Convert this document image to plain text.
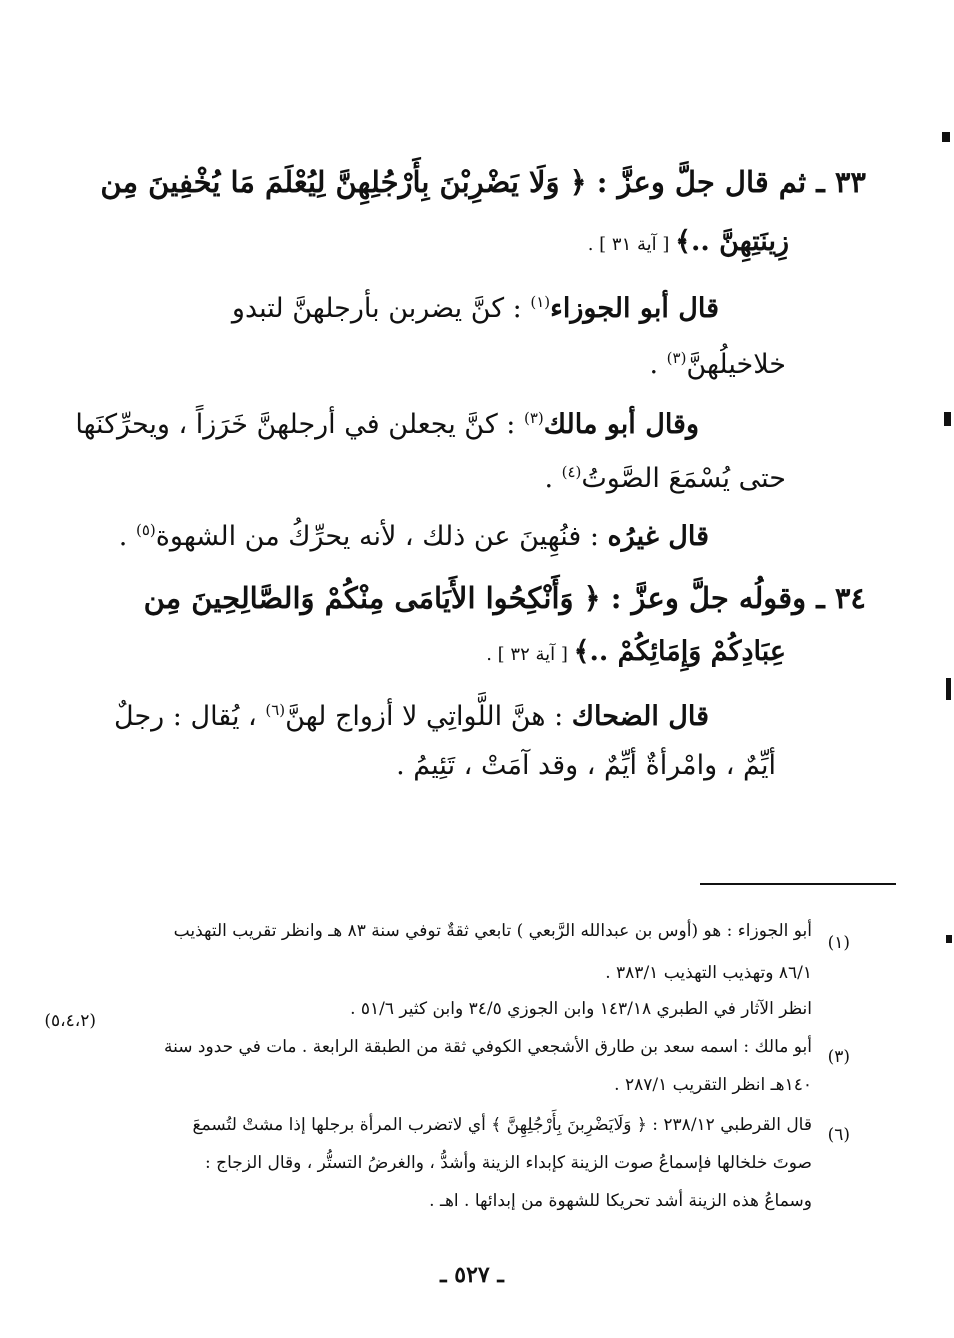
٣٣ ـ ثم قال جلَّ وعزَّ : ﴿ وَلَا يَضْرِبْنَ بِأَرْجُلِهِنَّ لِيُعْلَمَ مَا يُخْفِينَ مِن
زِينَتِهِنَّ ..﴾ [ آية ٣١ ] .
قال أبو الجوزاء$^{(١)}$ : كنَّ يضربن بأرجلهنَّ لتبدو
خلاخيلُهنَّ$^{(٣)}$ .
وقال أبو مالك$^{(٣)}$ : كنَّ يجعلن في أرجلهنَّ خَرَزاً ، ويحرِّكنَها
حتى يُسْمَعَ الصَّوتُ$^{(٤)}$ .
قال غيرُه : فنُهِينَ عن ذلك ، لأنه يحرِّكُ من الشهوة$^{(٥)}$ .
٣٤ ـ وقولُه جلَّ وعزَّ : ﴿ وَأَنْكِحُوا الأَيَامَى مِنْكُمْ وَالصَّالِحِينَ مِن
عِبَادِكُمْ وَإِمَائِكُمْ ..﴾ [ آية ٣٢ ] .
قال الضحاك : هنَّ اللَّواتِي لا أزواج لهنَّ$^{(٦)}$ ، يُقال : رجلٌ
أيِّمٌ ، وامْرأةٌ أيِّمٌ ، وقد آمَتْ ، تَئِيمُ .
(١)
أبو الجوزاء : هو (أوس بن عبدالله الرَّبعي ) تابعي ثقةٌ توفي سنة ٨٣ هـ وانظر تقريب التهذيب
٨٦/١ وتهذيب التهذيب ٣٨٣/١ .
(٥،٤،٢)
انظر الآثار في الطبري ١٤٣/١٨ وابن الجوزي ٣٤/٥ وابن كثير ٥١/٦ .
(٣)
أبو مالك : اسمه سعد بن طارق الأشجعي الكوفي ثقة من الطبقة الرابعة . مات في حدود سنة
١٤٠هـ انظر التقريب ٢٨٧/١ .
(٦)
قال القرطبي ٢٣٨/١٢ : ﴿ وَلَايَضْرِبنَ بِأَرْجُلِهِنَّ ﴾ أي لاتضرب المرأة برجلها إذا مشتْ لتُسمعَ
صوتَ خلخالها فإسماعُ صوت الزينة كإبداء الزينة وأشدُّ ، والغرضُ التستُّر ، وقال الزجاج :
وسماعُ هذه الزينة أشد تحريكا للشهوة من إبدائها . اهـ .
ـ ٥٢٧ ـ
